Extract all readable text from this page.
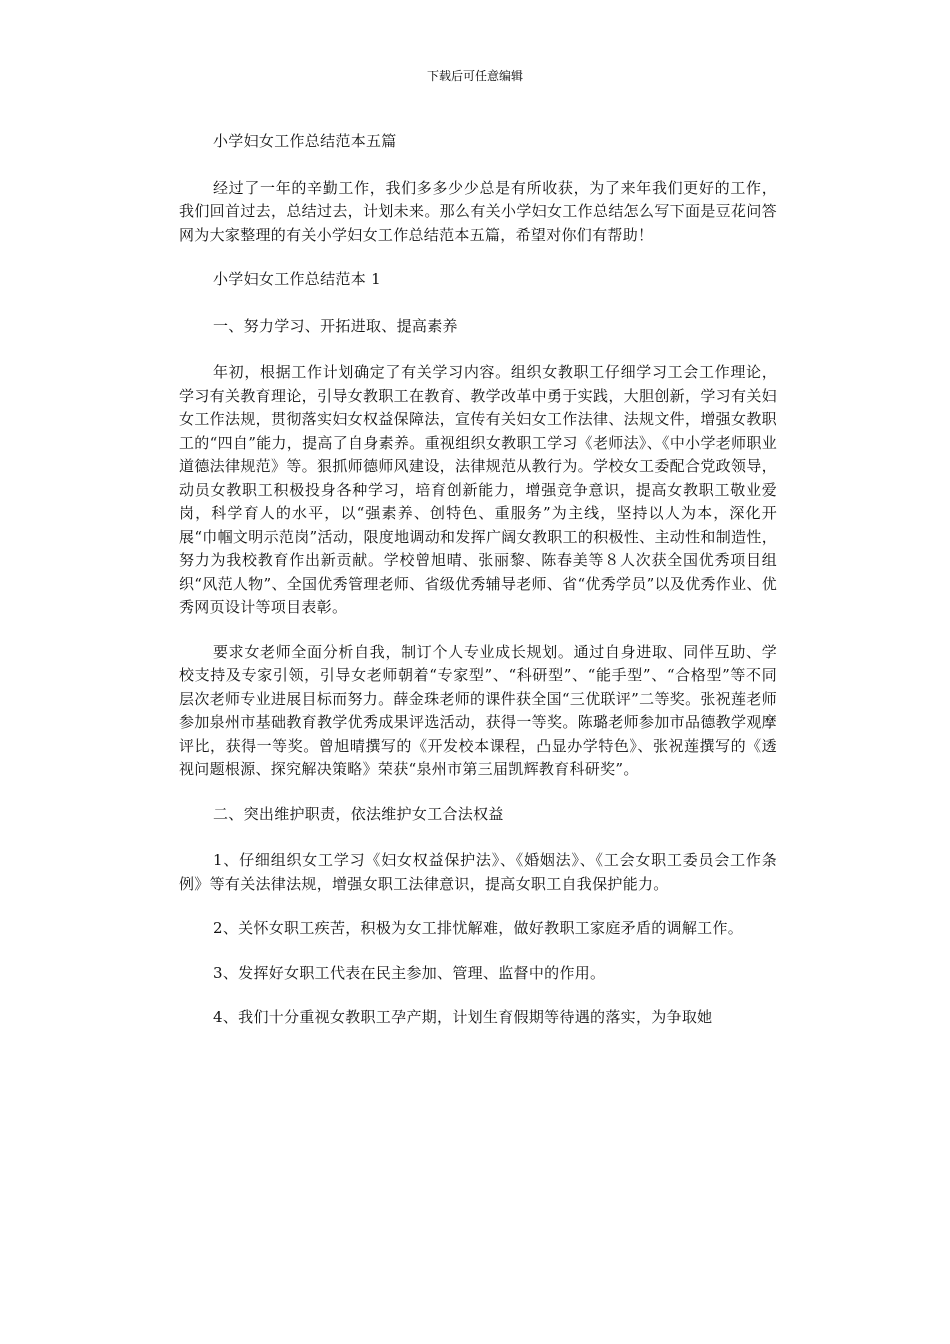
下载后可任意编辑

小学妇女工作总结范本五篇

经过了一年的辛勤工作，我们多多少少总是有所收获，为了来年我们更好的工作，我们回首过去，总结过去，计划未来。那么有关小学妇女工作总结怎么写下面是豆花问答网为大家整理的有关小学妇女工作总结范本五篇，希望对你们有帮助！

小学妇女工作总结范本 1

一、努力学习、开拓进取、提高素养

年初，根据工作计划确定了有关学习内容。组织女教职工仔细学习工会工作理论，学习有关教育理论，引导女教职工在教育、教学改革中勇于实践，大胆创新，学习有关妇女工作法规，贯彻落实妇女权益保障法，宣传有关妇女工作法律、法规文件，增强女教职工的“四自”能力，提高了自身素养。重视组织女教职工学习《老师法》、《中小学老师职业道德法律规范》等。狠抓师德师风建设，法律规范从教行为。学校女工委配合党政领导，动员女教职工积极投身各种学习，培育创新能力，增强竞争意识，提高女教职工敬业爱岗，科学育人的水平，以“强素养、创特色、重服务”为主线，坚持以人为本，深化开展“巾帼文明示范岗”活动，限度地调动和发挥广阔女教职工的积极性、主动性和制造性，努力为我校教育作出新贡献。学校曾旭晴、张丽黎、陈春美等８人次获全国优秀项目组织“风范人物”、全国优秀管理老师、省级优秀辅导老师、省“优秀学员”以及优秀作业、优秀网页设计等项目表彰。

要求女老师全面分析自我，制订个人专业成长规划。通过自身进取、同伴互助、学校支持及专家引领，引导女老师朝着“专家型”、“科研型”、“能手型”、“合格型”等不同层次老师专业进展目标而努力。薛金珠老师的课件获全国“三优联评”二等奖。张祝莲老师参加泉州市基础教育教学优秀成果评选活动，获得一等奖。陈璐老师参加市品德教学观摩评比，获得一等奖。曾旭晴撰写的《开发校本课程，凸显办学特色》、张祝莲撰写的《透视问题根源、探究解决策略》荣获“泉州市第三届凯辉教育科研奖”。

二、突出维护职责，依法维护女工合法权益

1、仔细组织女工学习《妇女权益保护法》、《婚姻法》、《工会女职工委员会工作条例》等有关法律法规，增强女职工法律意识，提高女职工自我保护能力。

2、关怀女职工疾苦，积极为女工排忧解难，做好教职工家庭矛盾的调解工作。

3、发挥好女职工代表在民主参加、管理、监督中的作用。

4、我们十分重视女教职工孕产期，计划生育假期等待遇的落实，为争取她
